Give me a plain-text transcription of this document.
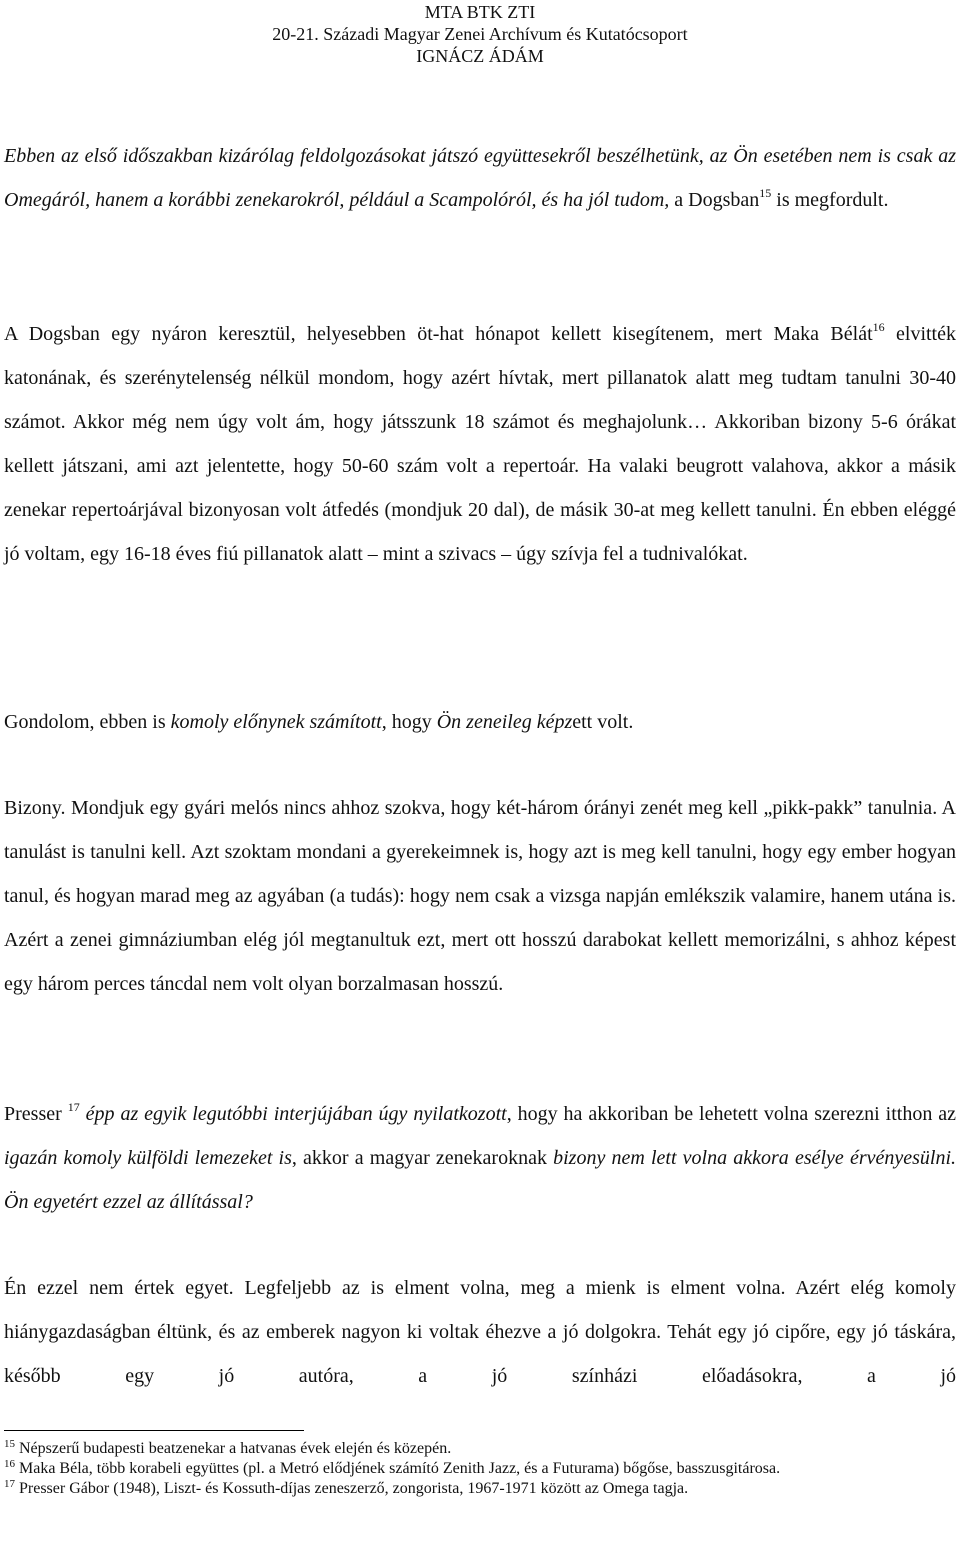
MTA BTK ZTI
20-21. Századi Magyar Zenei Archívum és Kutatócsoport
IGNÁCZ ÁDÁM

Ebben az első időszakban kizárólag feldolgozásokat játszó együttesekről beszélhetünk, az Ön esetében nem is csak az Omegáról, hanem a korábbi zenekarokról, például a Scampolóról, és ha jól tudom, a Dogsban$^{15}$ is megfordult.

A Dogsban egy nyáron keresztül, helyesebben öt-hat hónapot kellett kisegítenem, mert Maka Bélát$^{16}$ elvitték katonának, és szerénytelenség nélkül mondom, hogy azért hívtak, mert pillanatok alatt meg tudtam tanulni 30-40 számot. Akkor még nem úgy volt ám, hogy játsszunk 18 számot és meghajolunk… Akkoriban bizony 5-6 órákat kellett játszani, ami azt jelentette, hogy 50-60 szám volt a repertoár. Ha valaki beugrott valahova, akkor a másik zenekar repertoárjával bizonyosan volt átfedés (mondjuk 20 dal), de másik 30-at meg kellett tanulni. Én ebben eléggé jó voltam, egy 16-18 éves fiú pillanatok alatt – mint a szivacs – úgy szívja fel a tudnivalókat.

Gondolom, ebben is komoly előnynek számított, hogy Ön zeneileg képzett volt.

Bizony. Mondjuk egy gyári melós nincs ahhoz szokva, hogy két-három órányi zenét meg kell „pikk-pakk” tanulnia. A tanulást is tanulni kell. Azt szoktam mondani a gyerekeimnek is, hogy azt is meg kell tanulni, hogy egy ember hogyan tanul, és hogyan marad meg az agyában (a tudás): hogy nem csak a vizsga napján emlékszik valamire, hanem utána is. Azért a zenei gimnáziumban elég jól megtanultuk ezt, mert ott hosszú darabokat kellett memorizálni, s ahhoz képest egy három perces táncdal nem volt olyan borzalmasan hosszú.

Presser $^{17}$ épp az egyik legutóbbi interjújában úgy nyilatkozott, hogy ha akkoriban be lehetett volna szerezni itthon az igazán komoly külföldi lemezeket is, akkor a magyar zenekaroknak bizony nem lett volna akkora esélye érvényesülni. Ön egyetért ezzel az állítással?

Én ezzel nem értek egyet. Legfeljebb az is elment volna, meg a mienk is elment volna. Azért elég komoly hiánygazdaságban éltünk, és az emberek nagyon ki voltak éhezve a jó dolgokra. Tehát egy jó cipőre, egy jó táskára, később egy jó autóra, a jó színházi előadásokra, a jó

$^{15}$ Népszerű budapesti beatzenekar a hatvanas évek elején és közepén.

$^{16}$ Maka Béla, több korabeli együttes (pl. a Metró elődjének számító Zenith Jazz, és a Futurama) bőgőse, basszusgitárosa.

$^{17}$ Presser Gábor (1948), Liszt- és Kossuth-díjas zeneszerző, zongorista, 1967-1971 között az Omega tagja.
